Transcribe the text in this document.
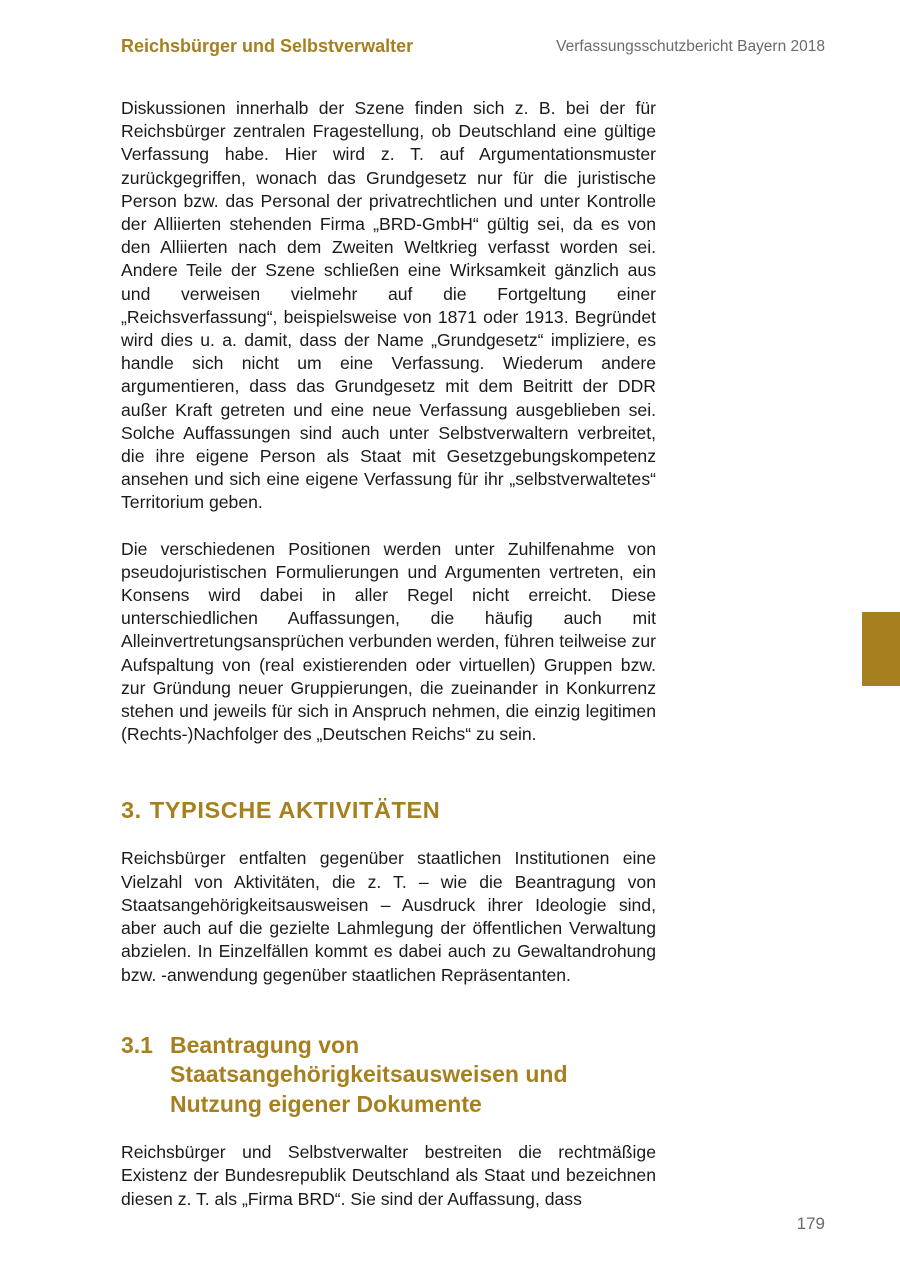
Reichsbürger und Selbstverwalter	Verfassungsschutzbericht Bayern 2018

Diskussionen innerhalb der Szene finden sich z. B. bei der für Reichsbürger zentralen Fragestellung, ob Deutschland eine gültige Verfassung habe. Hier wird z. T. auf Argumentationsmuster zurückgegriffen, wonach das Grundgesetz nur für die juristische Person bzw. das Personal der privatrechtlichen und unter Kontrolle der Alliierten stehenden Firma „BRD-GmbH“ gültig sei, da es von den Alliierten nach dem Zweiten Weltkrieg verfasst worden sei. Andere Teile der Szene schließen eine Wirksamkeit gänzlich aus und verweisen vielmehr auf die Fortgeltung einer „Reichsverfassung“, beispielsweise von 1871 oder 1913. Begründet wird dies u. a. damit, dass der Name „Grundgesetz“ impliziere, es handle sich nicht um eine Verfassung. Wiederum andere argumentieren, dass das Grundgesetz mit dem Beitritt der DDR außer Kraft getreten und eine neue Verfassung ausgeblieben sei. Solche Auffassungen sind auch unter Selbstverwaltern verbreitet, die ihre eigene Person als Staat mit Gesetzgebungskompetenz ansehen und sich eine eigene Verfassung für ihr „selbstverwaltetes“ Territorium geben.

Die verschiedenen Positionen werden unter Zuhilfenahme von pseudojuristischen Formulierungen und Argumenten vertreten, ein Konsens wird dabei in aller Regel nicht erreicht. Diese unterschiedlichen Auffassungen, die häufig auch mit Alleinvertretungsansprüchen verbunden werden, führen teilweise zur Aufspaltung von (real existierenden oder virtuellen) Gruppen bzw. zur Gründung neuer Gruppierungen, die zueinander in Konkurrenz stehen und jeweils für sich in Anspruch nehmen, die einzig legitimen (Rechts-)Nachfolger des „Deutschen Reichs“ zu sein.

3. TYPISCHE AKTIVITÄTEN

Reichsbürger entfalten gegenüber staatlichen Institutionen eine Vielzahl von Aktivitäten, die z. T. – wie die Beantragung von Staatsangehörigkeitsausweisen – Ausdruck ihrer Ideologie sind, aber auch auf die gezielte Lahmlegung der öffentlichen Verwaltung abzielen. In Einzelfällen kommt es dabei auch zu Gewaltandrohung bzw. -anwendung gegenüber staatlichen Repräsentanten.

3.1 Beantragung von Staatsangehörigkeitsausweisen und Nutzung eigener Dokumente

Reichsbürger und Selbstverwalter bestreiten die rechtmäßige Existenz der Bundesrepublik Deutschland als Staat und bezeichnen diesen z. T. als „Firma BRD“. Sie sind der Auffassung, dass

179
